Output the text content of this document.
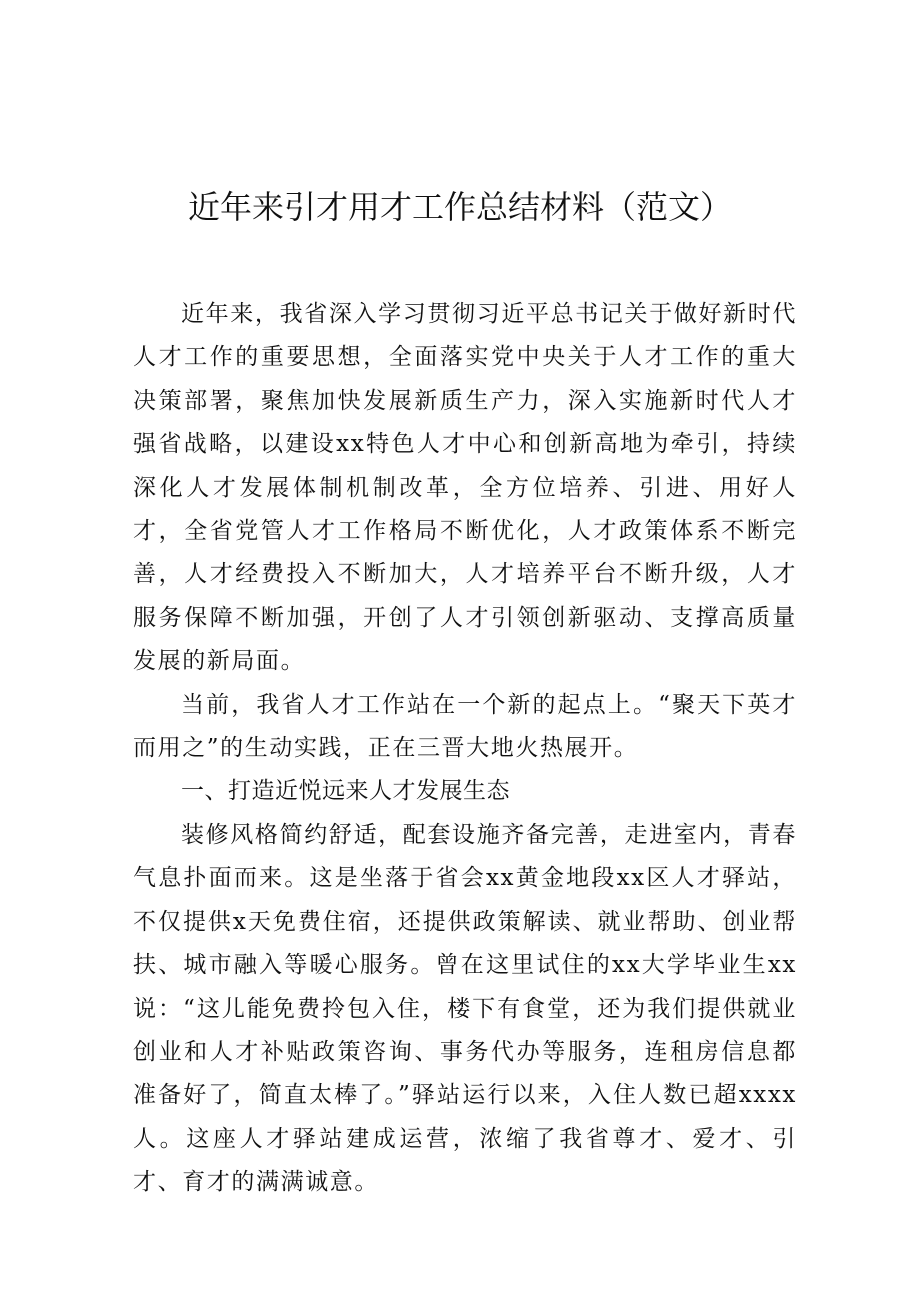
近年来引才用才工作总结材料（范文）

近年来，我省深入学习贯彻习近平总书记关于做好新时代人才工作的重要思想，全面落实党中央关于人才工作的重大决策部署，聚焦加快发展新质生产力，深入实施新时代人才强省战略，以建设xx特色人才中心和创新高地为牵引，持续深化人才发展体制机制改革，全方位培养、引进、用好人才，全省党管人才工作格局不断优化，人才政策体系不断完善，人才经费投入不断加大，人才培养平台不断升级，人才服务保障不断加强，开创了人才引领创新驱动、支撑高质量发展的新局面。

当前，我省人才工作站在一个新的起点上。“聚天下英才而用之”的生动实践，正在三晋大地火热展开。

一、打造近悦远来人才发展生态

装修风格简约舒适，配套设施齐备完善，走进室内，青春气息扑面而来。这是坐落于省会xx黄金地段xx区人才驿站，不仅提供x天免费住宿，还提供政策解读、就业帮助、创业帮扶、城市融入等暖心服务。曾在这里试住的xx大学毕业生xx说：“这儿能免费拎包入住，楼下有食堂，还为我们提供就业创业和人才补贴政策咨询、事务代办等服务，连租房信息都准备好了，简直太棒了。”驿站运行以来，入住人数已超xxxx人。这座人才驿站建成运营，浓缩了我省尊才、爱才、引才、育才的满满诚意。
